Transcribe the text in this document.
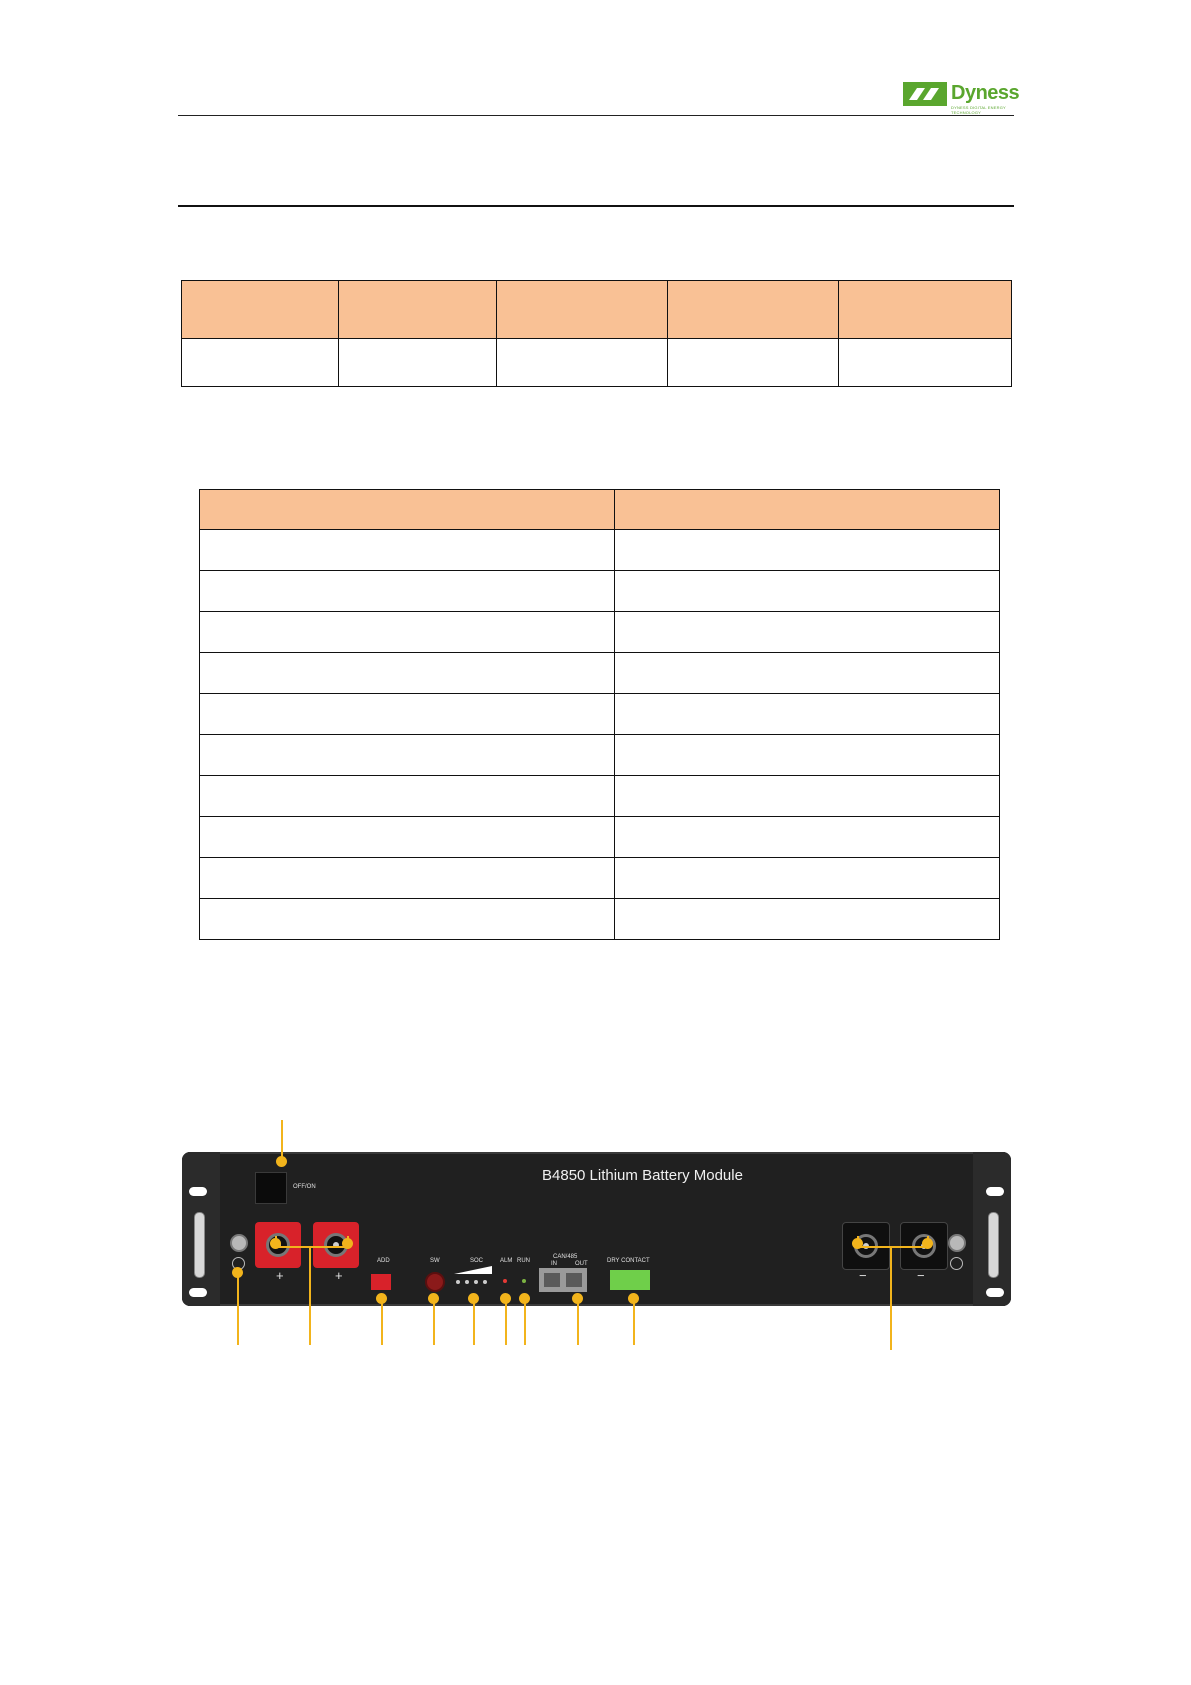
Dyness
DYNESS DIGITAL ENERGY TECHNOLOGY

B4850 Lithium Battery Module
OFF/ON
+	+	−	−
ADD	SW	SOC	ALM RUN
CAN/485
IN	OUT	DRY CONTACT
